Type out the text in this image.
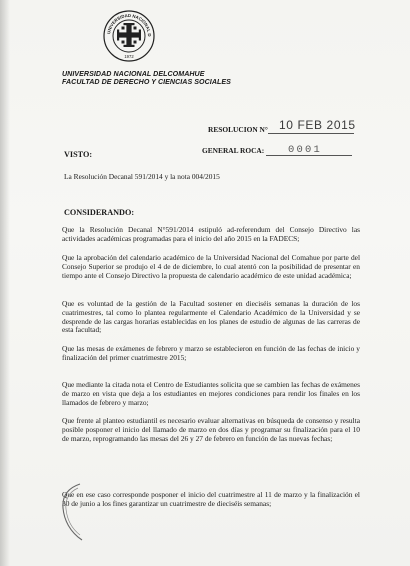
UNIVERSIDAD NACIONAL D
1972
UNIVERSIDAD NACIONAL DELCOMAHUE
FACULTAD DE DERECHO Y CIENCIAS SOCIALES
RESOLUCION N° 10 FEB 2015
GENERAL ROCA: 0001
VISTO:
La Resolución Decanal 591/2014 y la nota 004/2015
CONSIDERANDO:
Que la Resolución Decanal N°591/2014 estipuló ad-referendum del Consejo Directivo las actividades académicas programadas para el inicio del año 2015 en la FADECS;
Que la aprobación del calendario académico de la Universidad Nacional del Comahue por parte del Consejo Superior se produjo el 4 de de diciembre, lo cual atentó con la posibilidad de presentar en tiempo ante el Consejo Directivo la propuesta de calendario académico de este unidad académica;
Que es voluntad de la gestión de la Facultad sostener en dieciséis semanas la duración de los cuatrimestres, tal como lo plantea regularmente el Calendario Académico de la Universidad y se desprende de las cargas horarias establecidas en los planes de estudio de algunas de las carreras de esta facultad;
Que las mesas de exámenes de febrero y marzo se establecieron en función de las fechas de inicio y finalización del primer cuatrimestre 2015;
Que mediante la citada nota el Centro de Estudiantes solicita que se cambien las fechas de exámenes de marzo en vista que deja a los estudiantes en mejores condiciones para rendir los finales en los llamados de febrero y marzo;
Que frente al planteo estudiantil es necesario evaluar alternativas en búsqueda de consenso y resulta posible posponer el inicio del llamado de marzo en dos días y programar su finalización para el 10 de marzo, reprogramando las mesas del 26 y 27 de febrero en función de las nuevas fechas;
Que en ese caso corresponde posponer el inicio del cuatrimestre al 11 de marzo y la finalización el 30 de junio a los fines garantizar un cuatrimestre de dieciséis semanas;
